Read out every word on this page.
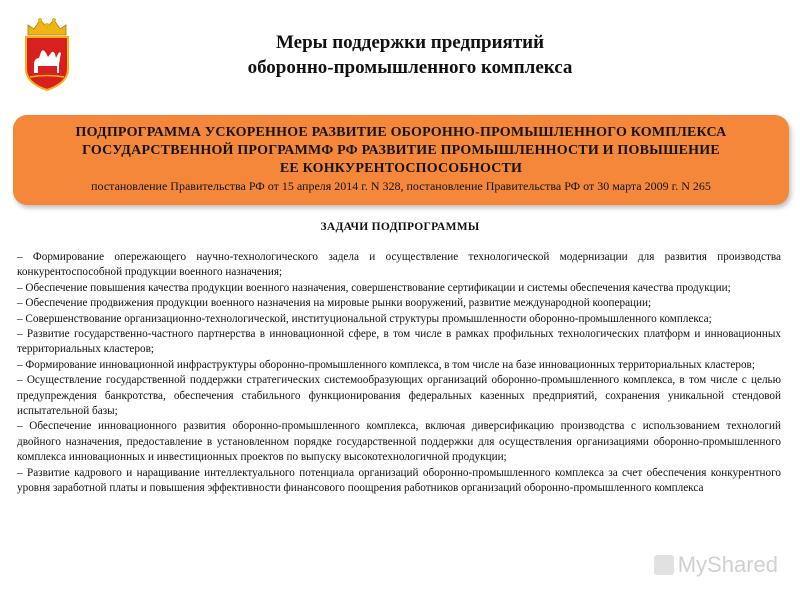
Меры поддержки предприятий
оборонно-промышленного комплекса
ПОДПРОГРАММА УСКОРЕННОЕ РАЗВИТИЕ ОБОРОННО-ПРОМЫШЛЕННОГО КОМПЛЕКСА
ГОСУДАРСТВЕННОЙ ПРОГРАММФ РФ РАЗВИТИЕ ПРОМЫШЛЕННОСТИ И ПОВЫШЕНИЕ
ЕЕ КОНКУРЕНТОСПОСОБНОСТИ
постановление Правительства РФ от 15 апреля 2014 г. N 328, постановление Правительства РФ от 30 марта 2009 г. N 265
ЗАДАЧИ ПОДПРОГРАММЫ

– Формирование опережающего научно-технологического задела и осуществление технологической модернизации для развития производства конкурентоспособной продукции военного назначения;

– Обеспечение повышения качества продукции военного назначения, совершенствование сертификации и системы обеспечения качества продукции;

– Обеспечение продвижения продукции военного назначения на мировые рынки вооружений, развитие международной кооперации;

– Совершенствование организационно-технологической, институциональной структуры промышленности оборонно-промышленного комплекса;

– Развитие государственно-частного партнерства в инновационной сфере, в том числе в рамках профильных технологических платформ и инновационных территориальных кластеров;

– Формирование инновационной инфраструктуры оборонно-промышленного комплекса, в том числе на базе инновационных территориальных кластеров;

– Осуществление государственной поддержки стратегических системообразующих организаций оборонно-промышленного комплекса, в том числе с целью предупреждения банкротства, обеспечения стабильного функционирования федеральных казенных предприятий, сохранения уникальной стендовой испытательной базы;

– Обеспечение инновационного развития оборонно-промышленного комплекса, включая диверсификацию производства с использованием технологий двойного назначения, предоставление в установленном порядке государственной поддержки для осуществления организациями оборонно-промышленного комплекса инновационных и инвестиционных проектов по выпуску высокотехнологичной продукции;

– Развитие кадрового и наращивание интеллектуального потенциала организаций оборонно-промышленного комплекса за счет обеспечения конкурентного уровня заработной платы и повышения эффективности финансового поощрения работников организаций оборонно-промышленного комплекса

MyShared
